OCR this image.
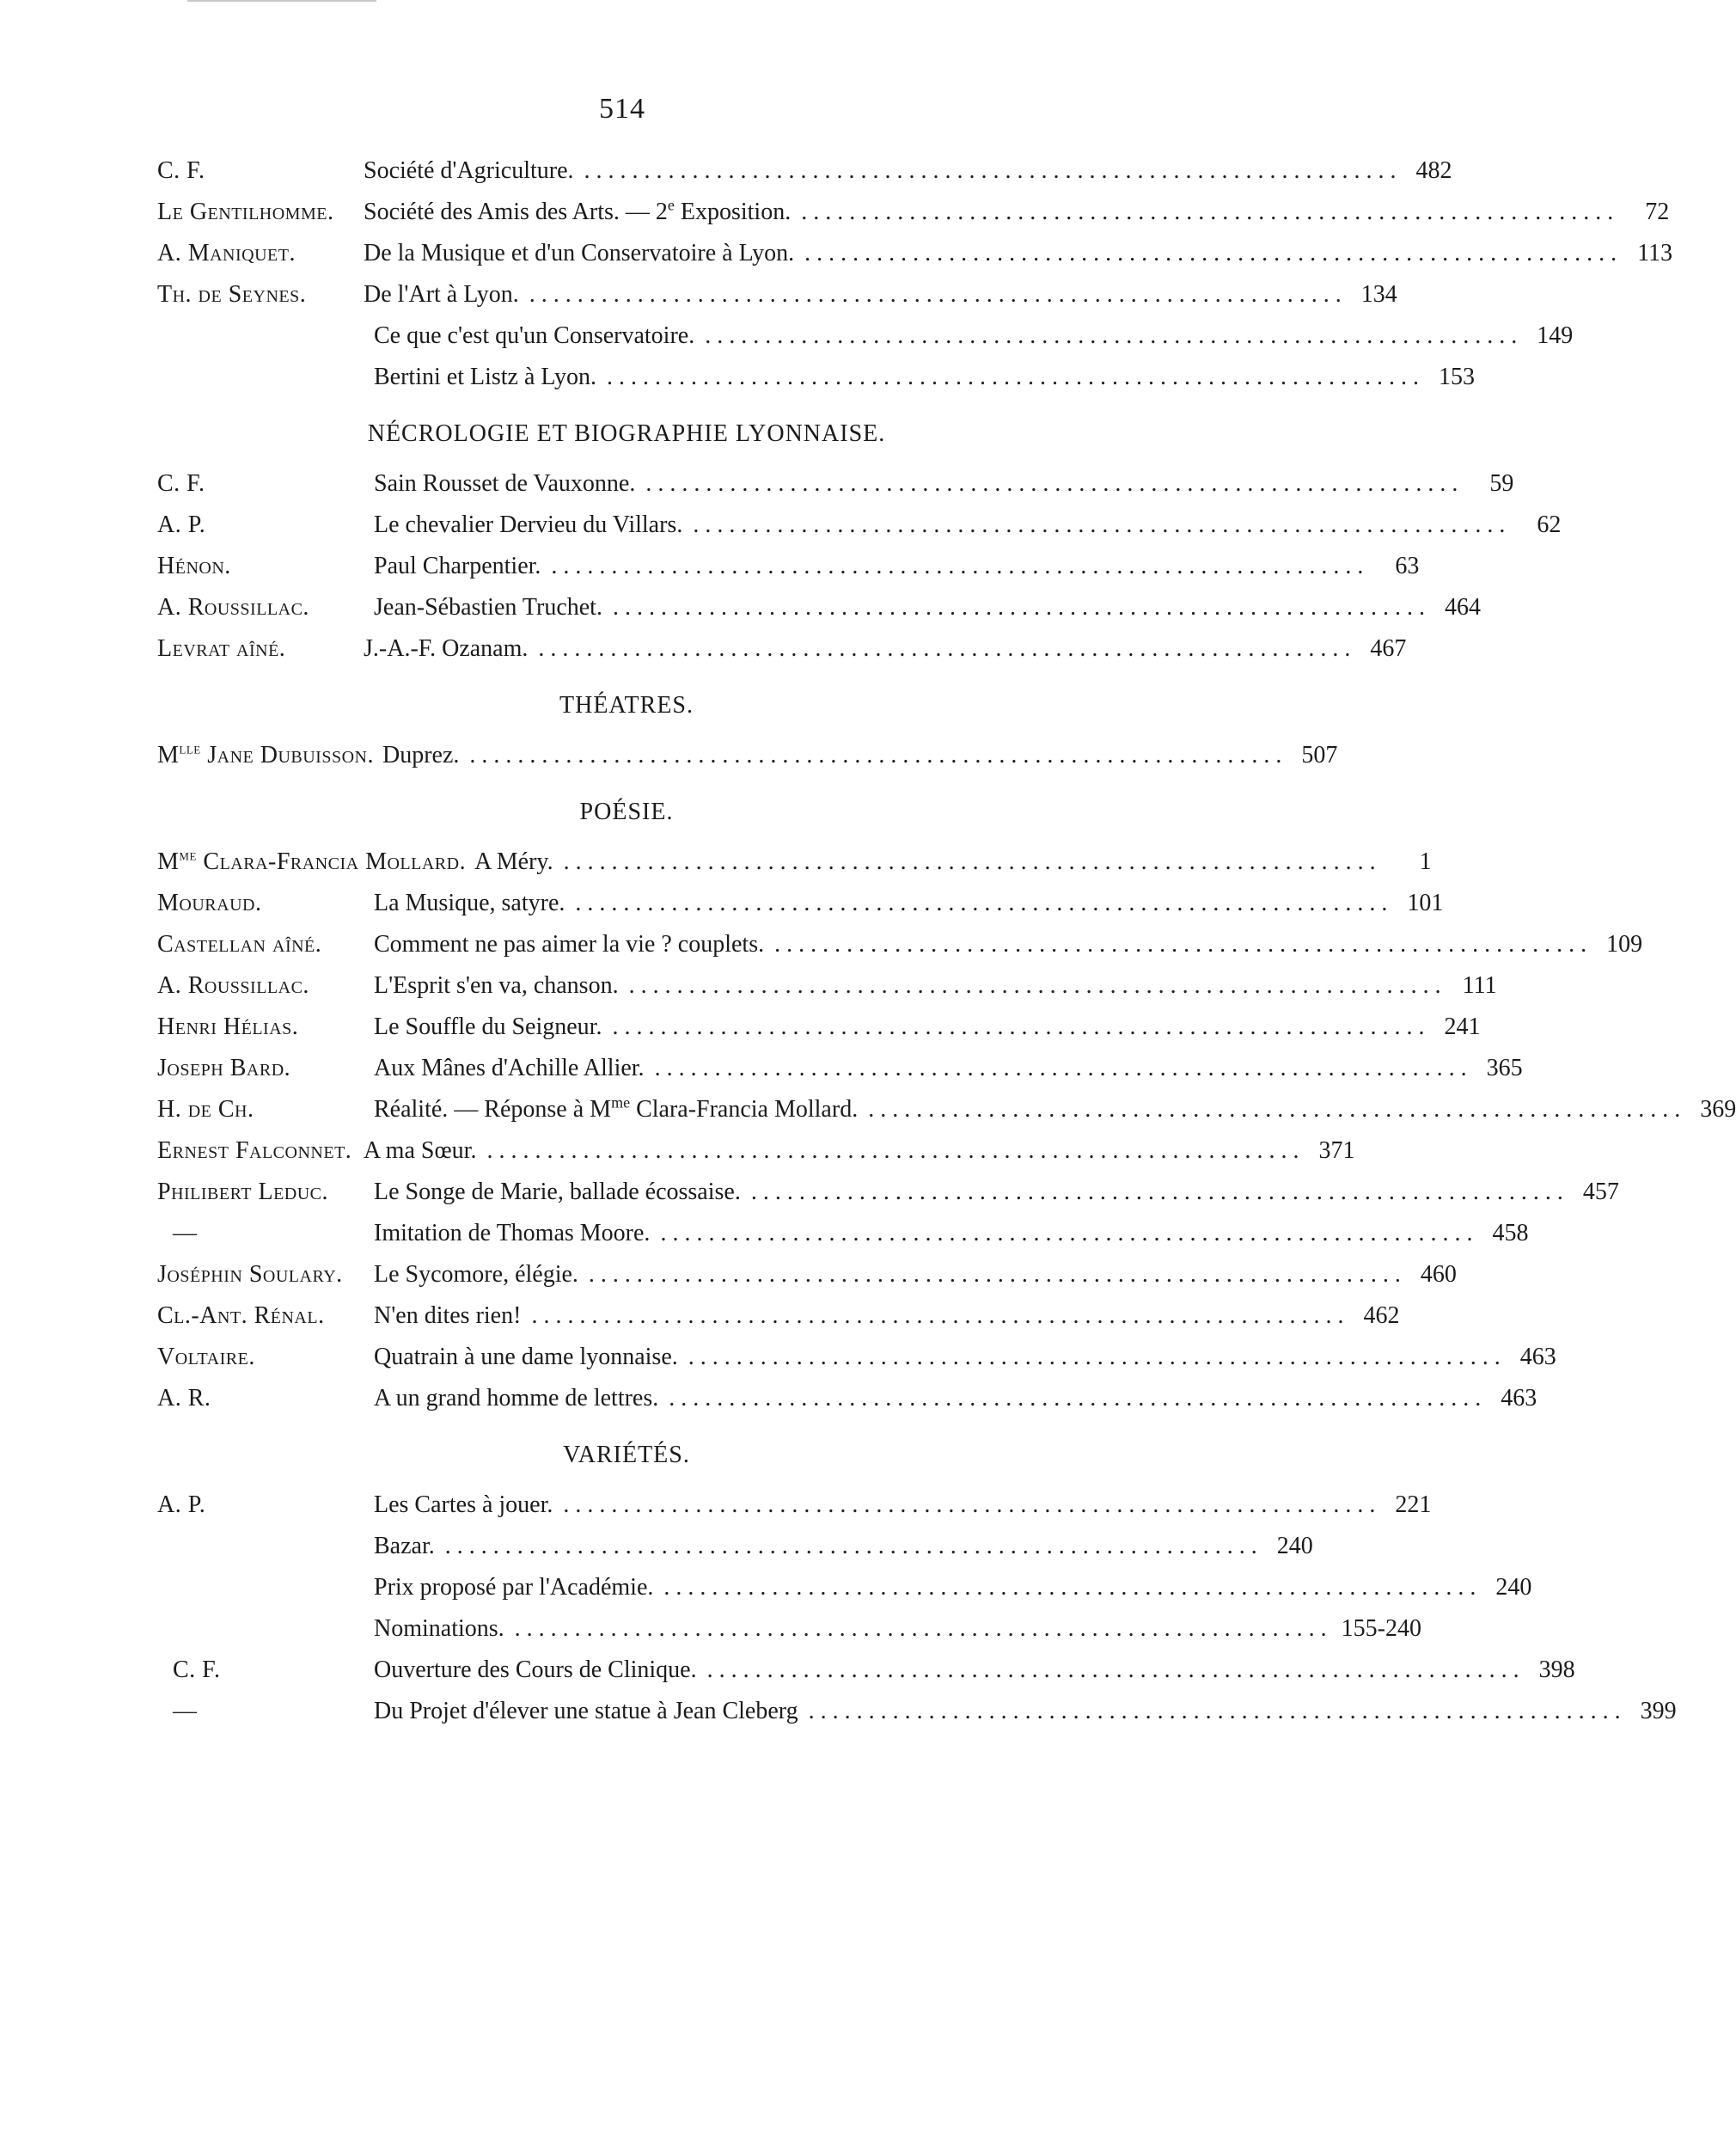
514
C. F.	Société d'Agriculture. .................................................................... 482
Le Gentilhomme.	Société des Amis des Arts. — 2e Exposition. ....................................................................	72
A. Maniquet.	De la Musique et d'un Conservatoire à Lyon. .................................................................... 113
Th. de Seynes.	De l'Art à Lyon. .................................................................... 134
Ce que c'est qu'un Conservatoire. .................................................................... 149
Bertini et Listz à Lyon. .................................................................... 153
NÉCROLOGIE ET BIOGRAPHIE LYONNAISE.
C. F.	Sain Rousset de Vauxonne. ....................................................................	59
A. P.	Le chevalier Dervieu du Villars. ....................................................................	62
Hénon.	Paul Charpentier. ....................................................................	63
A. Roussillac.	Jean-Sébastien Truchet. .................................................................... 464
Levrat aîné.	J.-A.-F. Ozanam. .................................................................... 467
THÉATRES.
$M^{lle}$ Jane Dubuisson. Duprez. .................................................................... 507
POÉSIE.
$M^{me}$ Clara-Francia Mollard. A Méry. ....................................................................	1
Mouraud.	La Musique, satyre. .................................................................... 101
Castellan aîné.	Comment ne pas aimer la vie ? couplets. .................................................................... 109
A. Roussillac.	L'Esprit s'en va, chanson. .................................................................... 111
Henri Hélias.	Le Souffle du Seigneur. .................................................................... 241
Joseph Bard.	Aux Mânes d'Achille Allier. .................................................................... 365
H. de Ch.	Réalité. — Réponse à $M^{me}$ Clara-Francia Mollard. .................................................................... 369
Ernest Falconnet. A ma Sœur. .................................................................... 371
Philibert Leduc.	Le Songe de Marie, ballade écossaise. .................................................................... 457
—	Imitation de Thomas Moore. .................................................................... 458
Joséphin Soulary.	Le Sycomore, élégie. .................................................................... 460
Cl.-Ant. Rénal.	N'en dites rien! .................................................................... 462
Voltaire.	Quatrain à une dame lyonnaise. .................................................................... 463
A. R.	A un grand homme de lettres. .................................................................... 463
VARIÉTÉS.
A. P.	Les Cartes à jouer. .................................................................... 221
Bazar. .................................................................... 240
Prix proposé par l'Académie. .................................................................... 240
Nominations. .................................................................... 155-240
C. F.	Ouverture des Cours de Clinique. .................................................................... 398
—	Du Projet d'élever une statue à Jean Cleberg .................................................................... 399
